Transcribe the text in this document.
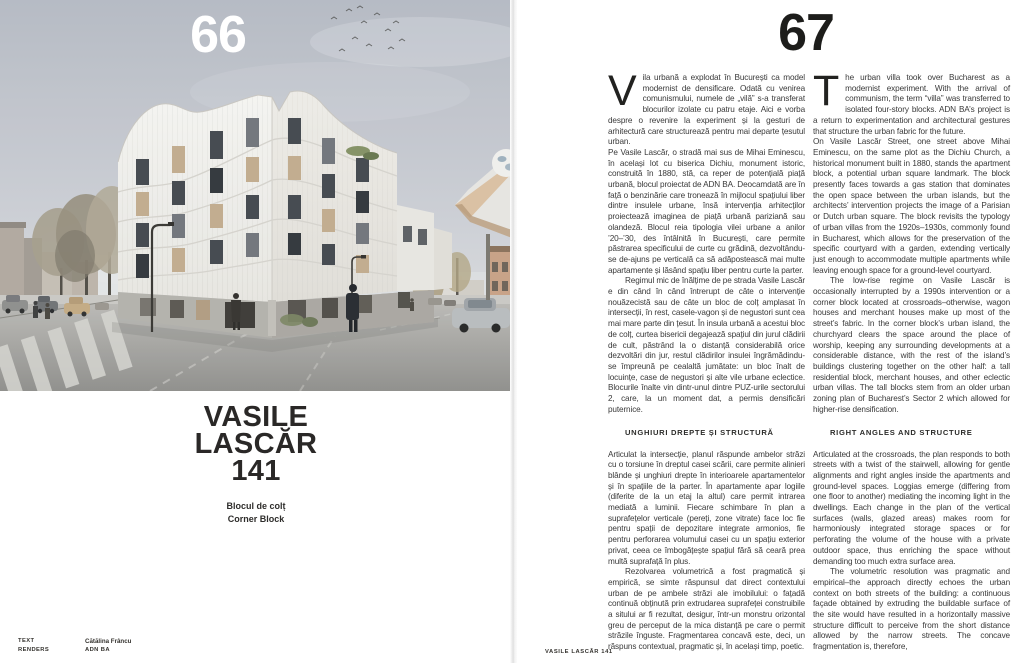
66
VASILE
LASCĂR
141
Blocul de colț
Corner Block
TEXT
RENDERS
Cătălina Frâncu
ADN BA
67

Vila urbană a explodat în București ca model modernist de densificare. Odată cu venirea comunismului, numele de „vilă” s-a transferat blocurilor izolate cu patru etaje. Aici e vorba despre o revenire la experiment și la gesturi de arhitectură care structurează pentru mai departe țesutul urban.

Pe Vasile Lascăr, o stradă mai sus de Mihai Eminescu, în același lot cu biserica Dichiu, monument istoric, construită în 1880, stă, ca reper de potențială piață urbană, blocul proiectat de ADN BA. Deocamdată are în față o benzinărie care tronează în mijlocul spațiului liber dintre insulele urbane, însă intervenția arhitecților proiectează imaginea de piață urbană pariziană sau olandeză. Blocul reia tipologia vilei urbane a anilor ’20–’30, des întâlnită în București, care permite păstrarea specificului de curte cu grădină, dezvoltându-se de-ajuns pe verticală ca să adăpostească mai multe apartamente și lăsând spațiu liber pentru curte la parter.

Regimul mic de înălțime de pe strada Vasile Lascăr e din când în când întrerupt de câte o intervenție nouăzecistă sau de câte un bloc de colț amplasat în intersecții, în rest, casele-vagon și de negustori sunt cea mai mare parte din țesut. În insula urbană a acestui bloc de colț, curtea bisericii degajează spațiul din jurul clădirii de cult, păstrând la o distanță considerabilă orice dezvoltări din jur, restul clădirilor insulei îngrămădindu-se împreună pe cealaltă jumătate: un bloc înalt de locuințe, case de negustori și alte vile urbane eclectice. Blocurile înalte vin dintr-unul dintre PUZ-urile sectorului 2, care, la un moment dat, a permis densificări puternice.

UNGHIURI DREPTE ȘI STRUCTURĂ

Articulat la intersecție, planul răspunde ambelor străzi cu o torsiune în dreptul casei scării, care permite alinieri blânde și unghiuri drepte în interioarele apartamentelor și în spațiile de la parter. În apartamente apar logiile (diferite de la un etaj la altul) care permit intrarea mediată a luminii. Fiecare schimbare în plan a suprafețelor verticale (pereți, zone vitrate) face loc fie pentru spații de depozitare integrate armonios, fie pentru perforarea volumului casei cu un spațiu exterior privat, ceea ce îmbogățește spațiul fără să ceară prea multă suprafață în plus.

Rezolvarea volumetrică a fost pragmatică și empirică, se simte răspunsul dat direct contextului urban de pe ambele străzi ale imobilului: o fațadă continuă obținută prin extrudarea suprafeței construibile a sitului ar fi rezultat, desigur, într-un monstru orizontal greu de perceput de la mica distanță pe care o permit străzile înguste. Fragmentarea concavă este, deci, un răspuns contextual, pragmatic și, în același timp, poetic.

The urban villa took over Bucharest as a modernist experiment. With the arrival of communism, the term “villa” was transferred to isolated four-story blocks. ADN BA’s project is a return to experimentation and architectural gestures that structure the urban fabric for the future.

On Vasile Lascăr Street, one street above Mihai Eminescu, on the same plot as the Dichiu Church, a historical monument built in 1880, stands the apartment block, a potential urban square landmark. The block presently faces towards a gas station that dominates the open space between the urban islands, but the architects’ intervention projects the image of a Parisian or Dutch urban square. The block revisits the typology of urban villas from the 1920s–1930s, commonly found in Bucharest, which allows for the preservation of the specific courtyard with a garden, extending vertically just enough to accommodate multiple apartments while leaving enough space for a ground-level courtyard.

The low-rise regime on Vasile Lascăr is occasionally interrupted by a 1990s intervention or a corner block located at crossroads–otherwise, wagon houses and merchant houses make up most of the street’s fabric. In the corner block’s urban island, the churchyard clears the space around the place of worship, keeping any surrounding developments at a considerable distance, with the rest of the island’s buildings clustering together on the other half: a tall residential block, merchant houses, and other eclectic urban villas. The tall blocks stem from an older urban zoning plan of Bucharest’s Sector 2 which allowed for higher-rise densification.

RIGHT ANGLES AND STRUCTURE

Articulated at the crossroads, the plan responds to both streets with a twist of the stairwell, allowing for gentle alignments and right angles inside the apartments and ground-level spaces. Loggias emerge (differing from one floor to another) mediating the incoming light in the dwellings. Each change in the plan of the vertical surfaces (walls, glazed areas) makes room for harmoniously integrated storage spaces or for perforating the volume of the house with a private outdoor space, thus enriching the space without demanding too much extra surface area.

The volumetric resolution was pragmatic and empirical–the approach directly echoes the urban context on both streets of the building: a continuous façade obtained by extruding the buildable surface of the site would have resulted in a horizontally massive structure difficult to perceive from the short distance allowed by the narrow streets. The concave fragmentation is, therefore,

VASILE LASCĂR 141
